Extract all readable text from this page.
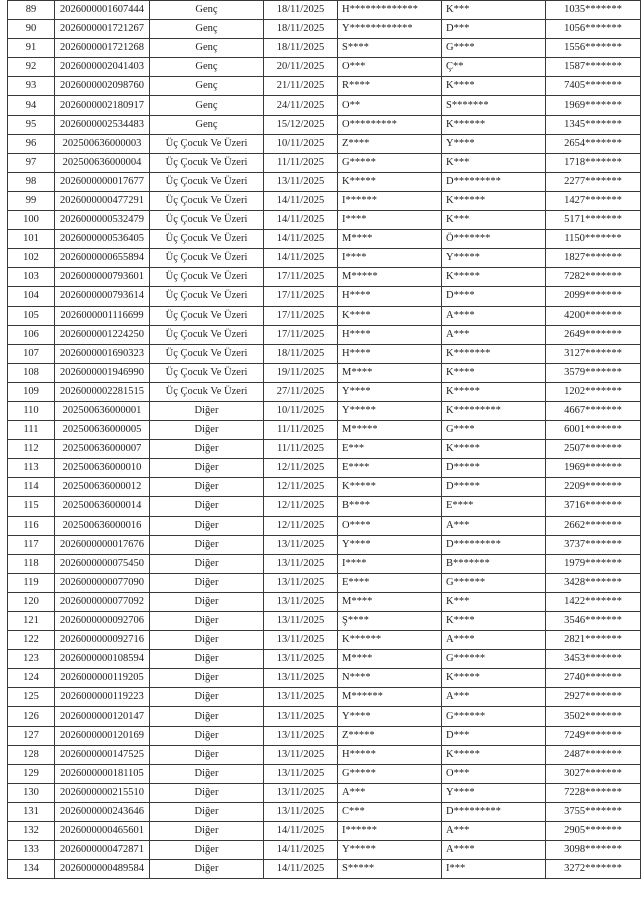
89	2026000001607444	Genç	18/11/2025	H*************	K***	1035*******
90	2026000001721267	Genç	18/11/2025	Y************	D***	1056*******
91	2026000001721268	Genç	18/11/2025	S****	G****	1556*******
92	2026000002041403	Genç	20/11/2025	O***	Ç**	1587*******
93	2026000002098760	Genç	21/11/2025	R****	K****	7405*******
94	2026000002180917	Genç	24/11/2025	O**	S*******	1969*******
95	2026000002534483	Genç	15/12/2025	O*********	K******	1345*******
96	202500636000003	Üç Çocuk Ve Üzeri	10/11/2025	Z****	Y****	2654*******
97	202500636000004	Üç Çocuk Ve Üzeri	11/11/2025	G*****	K***	1718*******
98	2026000000017677	Üç Çocuk Ve Üzeri	13/11/2025	K*****	D*********	2277*******
99	2026000000477291	Üç Çocuk Ve Üzeri	14/11/2025	I******	K******	1427*******
100	2026000000532479	Üç Çocuk Ve Üzeri	14/11/2025	I****	K***	5171*******
101	2026000000536405	Üç Çocuk Ve Üzeri	14/11/2025	M****	Ö*******	1150*******
102	2026000000655894	Üç Çocuk Ve Üzeri	14/11/2025	I****	Y*****	1827*******
103	2026000000793601	Üç Çocuk Ve Üzeri	17/11/2025	M*****	K*****	7282*******
104	2026000000793614	Üç Çocuk Ve Üzeri	17/11/2025	H****	D****	2099*******
105	2026000001116699	Üç Çocuk Ve Üzeri	17/11/2025	K****	A****	4200*******
106	2026000001224250	Üç Çocuk Ve Üzeri	17/11/2025	H****	A***	2649*******
107	2026000001690323	Üç Çocuk Ve Üzeri	18/11/2025	H****	K*******	3127*******
108	2026000001946990	Üç Çocuk Ve Üzeri	19/11/2025	M****	K****	3579*******
109	2026000002281515	Üç Çocuk Ve Üzeri	27/11/2025	Y****	K*****	1202*******
110	202500636000001	Diğer	10/11/2025	Y*****	K*********	4667*******
111	202500636000005	Diğer	11/11/2025	M*****	G****	6001*******
112	202500636000007	Diğer	11/11/2025	E***	K*****	2507*******
113	202500636000010	Diğer	12/11/2025	E****	D*****	1969*******
114	202500636000012	Diğer	12/11/2025	K*****	D*****	2209*******
115	202500636000014	Diğer	12/11/2025	B****	E****	3716*******
116	202500636000016	Diğer	12/11/2025	O****	A***	2662*******
117	2026000000017676	Diğer	13/11/2025	Y****	D*********	3737*******
118	2026000000075450	Diğer	13/11/2025	I****	B*******	1979*******
119	2026000000077090	Diğer	13/11/2025	E****	G******	3428*******
120	2026000000077092	Diğer	13/11/2025	M****	K***	1422*******
121	2026000000092706	Diğer	13/11/2025	Ş****	K****	3546*******
122	2026000000092716	Diğer	13/11/2025	K******	A****	2821*******
123	2026000000108594	Diğer	13/11/2025	M****	G******	3453*******
124	2026000000119205	Diğer	13/11/2025	N****	K*****	2740*******
125	2026000000119223	Diğer	13/11/2025	M******	A***	2927*******
126	2026000000120147	Diğer	13/11/2025	Y****	G******	3502*******
127	2026000000120169	Diğer	13/11/2025	Z*****	D***	7249*******
128	2026000000147525	Diğer	13/11/2025	H*****	K*****	2487*******
129	2026000000181105	Diğer	13/11/2025	G*****	O***	3027*******
130	2026000000215510	Diğer	13/11/2025	A***	Y****	7228*******
131	2026000000243646	Diğer	13/11/2025	C***	D*********	3755*******
132	2026000000465601	Diğer	14/11/2025	I******	A***	2905*******
133	2026000000472871	Diğer	14/11/2025	Y*****	A****	3098*******
134	2026000000489584	Diğer	14/11/2025	S*****	I***	3272*******
